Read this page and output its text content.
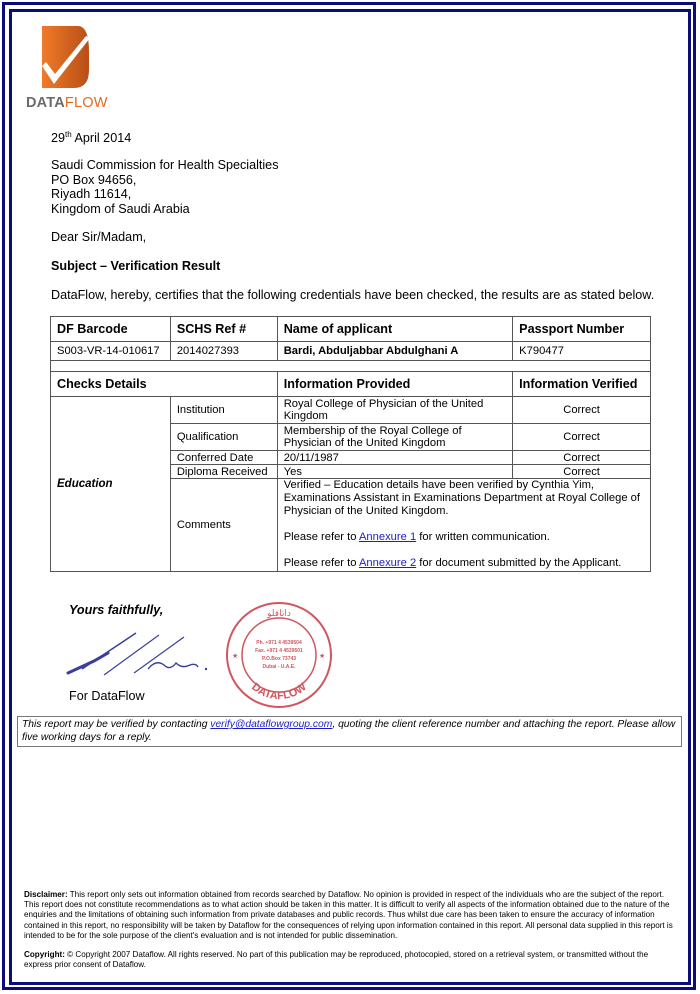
DATAFLOW
29th April 2014
Saudi Commission for Health Specialties
PO Box 94656,
Riyadh 11614,
Kingdom of Saudi Arabia
Dear Sir/Madam,
Subject – Verification Result
DataFlow, hereby, certifies that the following credentials have been checked, the results are as stated below.
DF Barcode	SCHS Ref #	Name of applicant	Passport Number
S003-VR-14-010617	2014027393	Bardi, Abduljabbar Abdulghani A	K790477

Checks Details		Information Provided	Information Verified
Education	Institution	Royal College of Physician of the United Kingdom	Correct
	Qualification	Membership of the Royal College of Physician of the United Kingdom	Correct
	Conferred Date	20/11/1987	Correct
	Diploma Received	Yes	Correct
	Comments	Verified – Education details have been verified by Cynthia Yim, Examinations Assistant in Examinations Department at Royal College of Physician of the United Kingdom.

Please refer to Annexure 1 for written communication.

Please refer to Annexure 2 for document submitted by the Applicant.	

Yours faithfully,	داتافلو
Ph. +971 4 4539504
Fax. +971 4 4539501
P.O.Box 73743
Dubai - U.A.E.
★	★
DATAFLOW
For DataFlow
This report may be verified by contacting verify@dataflowgroup.com, quoting the client reference number and attaching the report. Please allow five working days for a reply.
Disclaimer: This report only sets out information obtained from records searched by Dataflow. No opinion is provided in respect of the individuals who are the subject of the report. This report does not constitute recommendations as to what action should be taken in this matter. It is difficult to verify all aspects of the information obtained due to the nature of the enquiries and the limitations of obtaining such information from private databases and public records. Thus whilst due care has been taken to ensure the accuracy of information contained in this report, no responsibility will be taken by Dataflow for the consequences of relying upon information contained in this report. All personal data supplied in this report is intended to be for the sole purpose of the client's evaluation and is not intended for public dissemination.
Copyright: © Copyright 2007 Dataflow. All rights reserved. No part of this publication may be reproduced, photocopied, stored on a retrieval system, or transmitted without the express prior consent of Dataflow.
